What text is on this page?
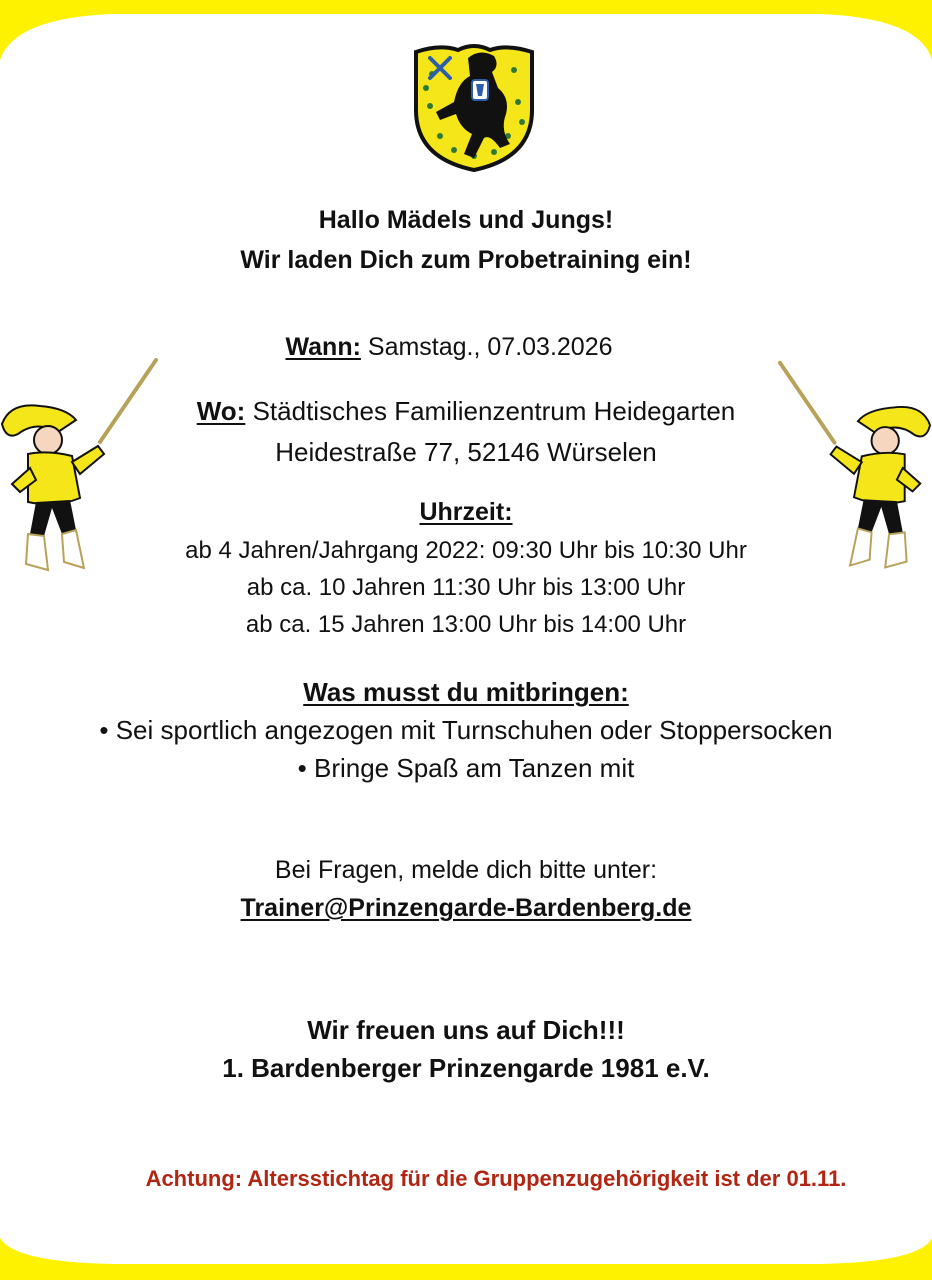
Hallo Mädels und Jungs!
Wir laden Dich zum Probetraining ein!
Wann: Samstag., 07.03.2026
Wo: Städtisches Familienzentrum Heidegarten
Heidestraße 77, 52146 Würselen
Uhrzeit:
ab 4 Jahren/Jahrgang 2022: 09:30 Uhr bis 10:30 Uhr
ab ca. 10 Jahren 11:30 Uhr bis 13:00 Uhr
ab ca. 15 Jahren 13:00 Uhr bis 14:00 Uhr
Was musst du mitbringen:
• Sei sportlich angezogen mit Turnschuhen oder Stoppersocken
• Bringe Spaß am Tanzen mit
Bei Fragen, melde dich bitte unter:
Trainer@Prinzengarde-Bardenberg.de
Wir freuen uns auf Dich!!!
1. Bardenberger Prinzengarde 1981 e.V.
Achtung: Altersstichtag für die Gruppenzugehörigkeit ist der 01.11.
